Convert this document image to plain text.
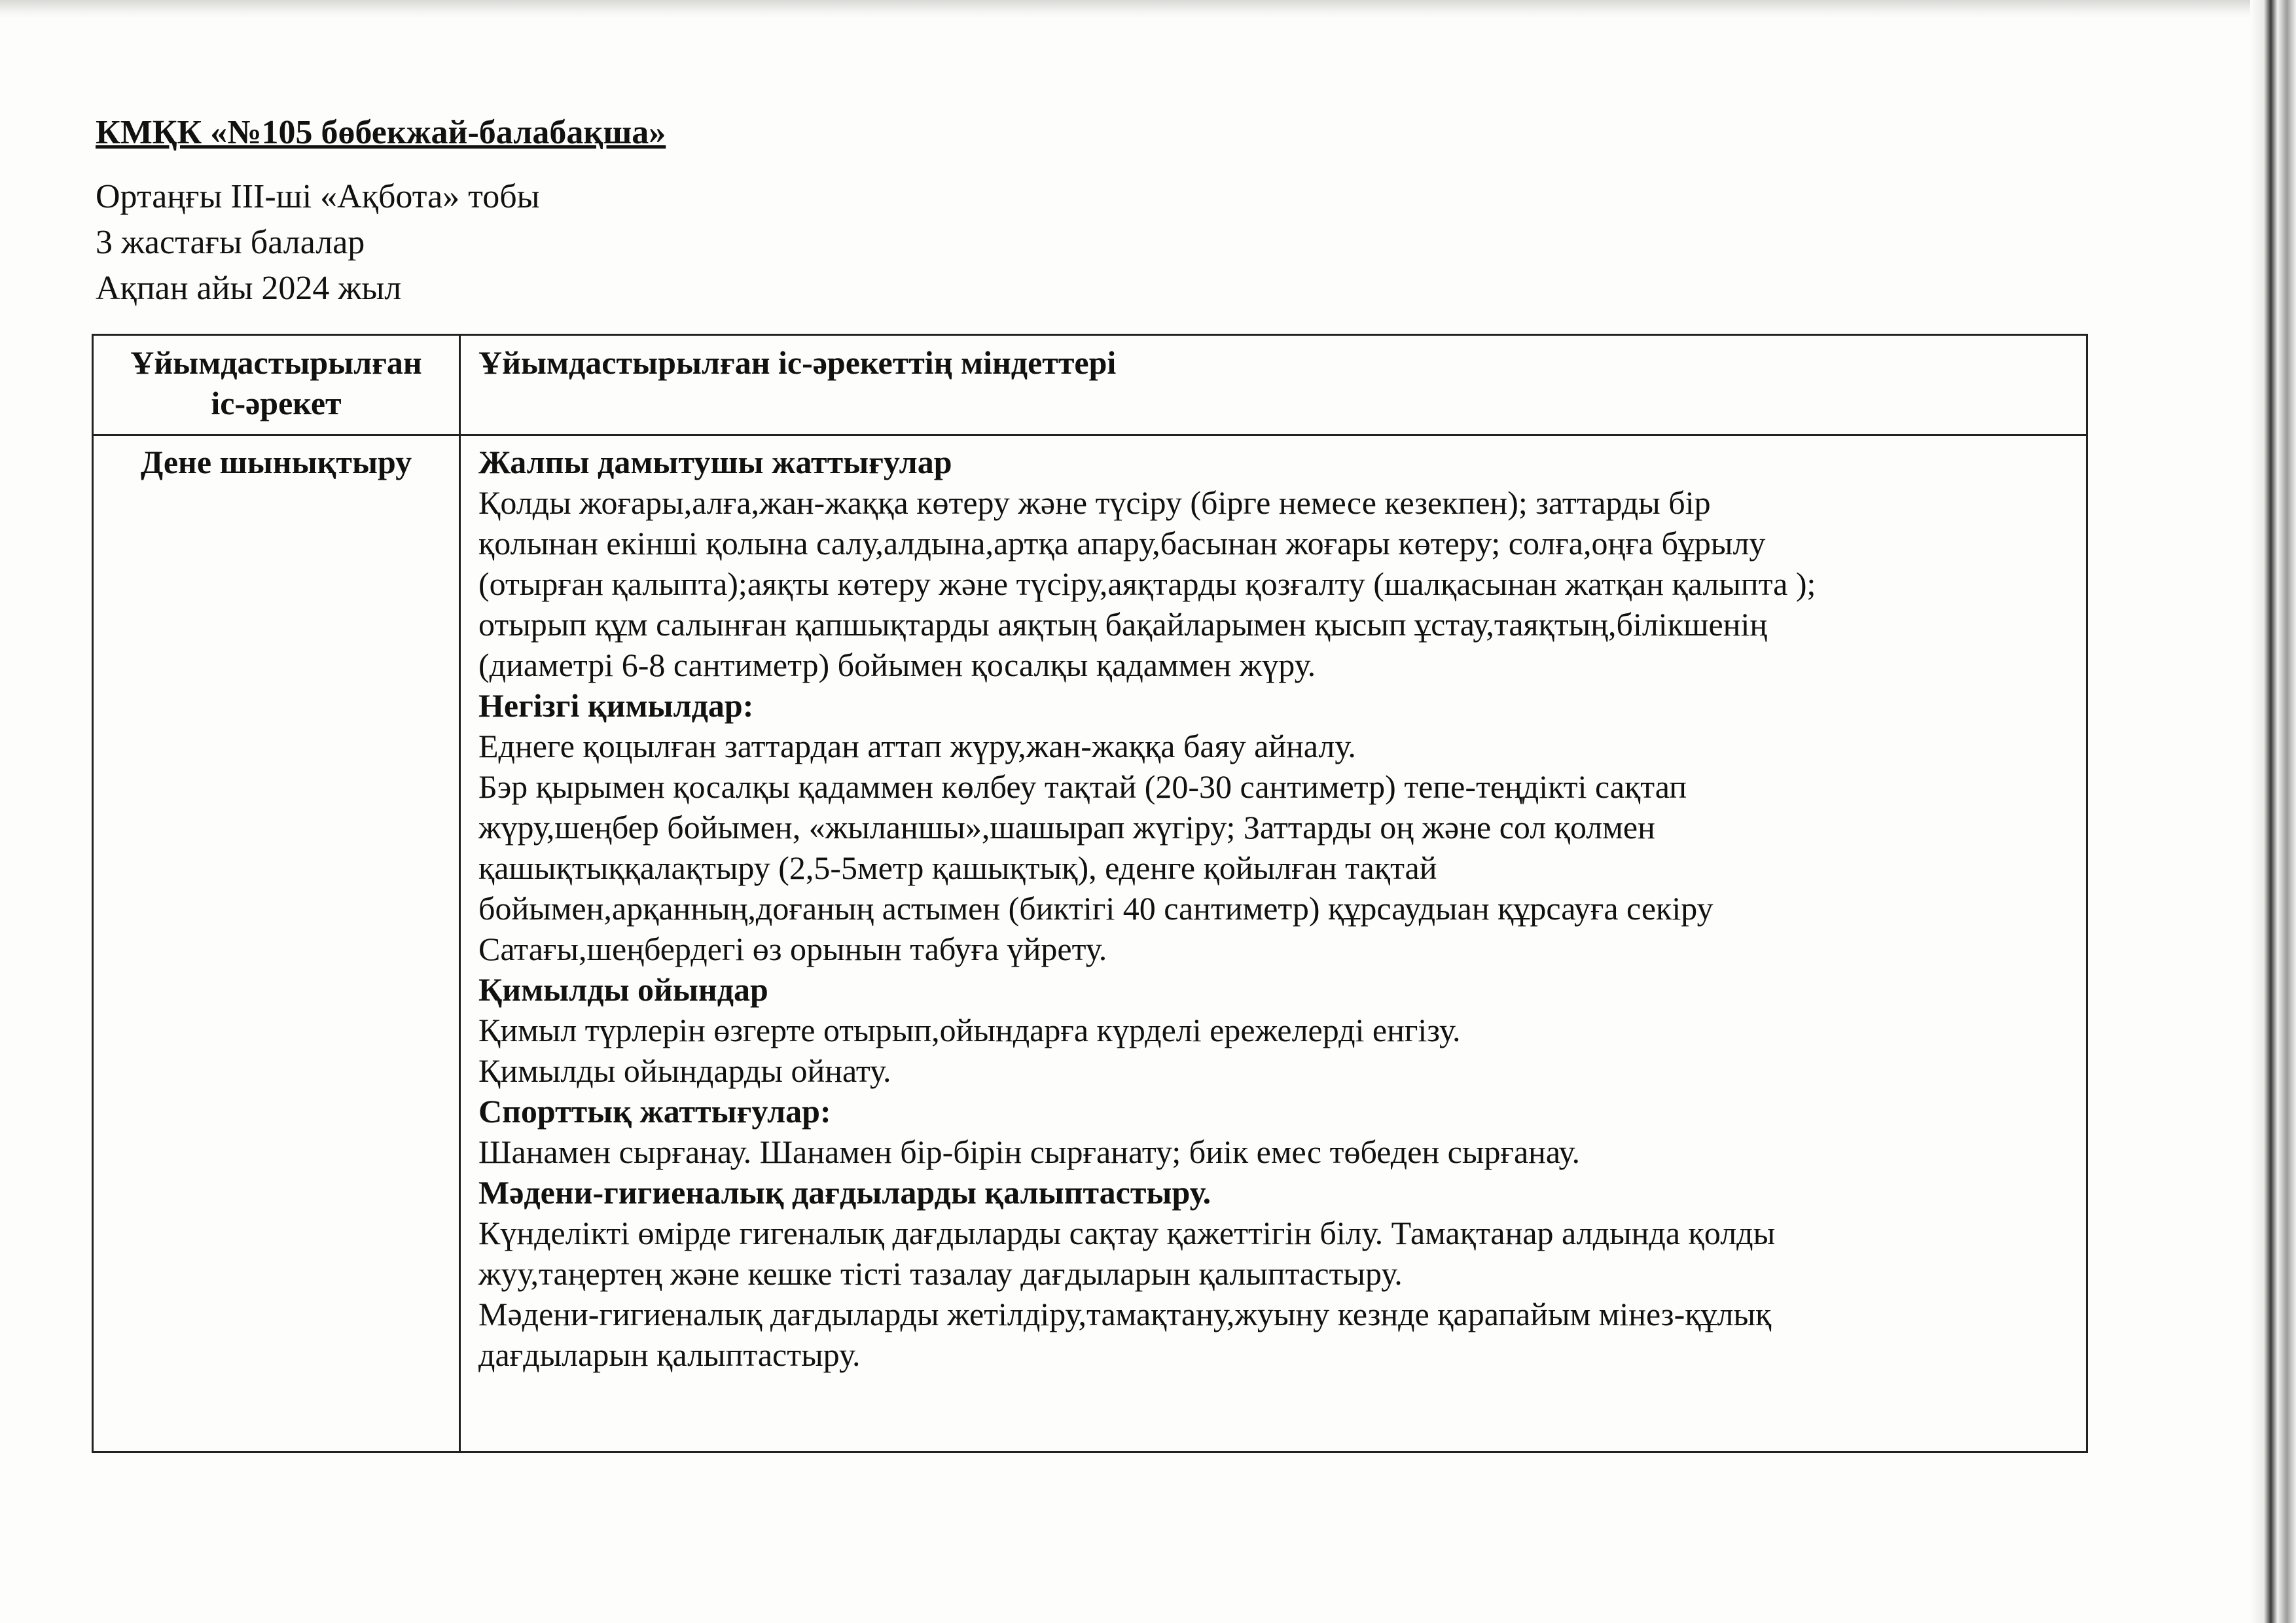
КМҚК «№105 бөбекжай-балабақша»
Ортаңғы ІІІ-ші «Ақбота» тобы
3 жастағы балалар
Ақпан айы 2024 жыл
Ұйымдастырылған
іс-әрекет
Ұйымдастырылған іс-әрекеттің міндеттері
Дене шынықтыру	Жалпы дамытушы жаттығулар
Қолды жоғары,алға,жан-жаққа көтеру және түсіру (бірге немесе кезекпен); заттарды бір
қолынан екінші қолына салу,алдына,артқа апару,басынан жоғары көтеру; солға,оңға бұрылу
(отырған қалыпта);аяқты көтеру және түсіру,аяқтарды қозғалту (шалқасынан жатқан қалыпта );
отырып құм салынған қапшықтарды аяқтың бақайларымен қысып ұстау,таяқтың,білікшенің
(диаметрі 6-8 сантиметр) бойымен қосалқы қадаммен жүру.
Негізгі қимылдар:
Еднеге қоцылған заттардан аттап жүру,жан-жаққа баяу айналу.
Бэр қырымен қосалқы қадаммен көлбеу тақтай (20-30 сантиметр) тепе-теңдікті сақтап
жүру,шеңбер бойымен, «жыланшы»,шашырап жүгіру; Заттарды оң және сол қолмен
қашықтыққалақтыру (2,5-5метр қашықтық), еденге қойылған тақтай
бойымен,арқанның,доғаның астымен (биктігі 40 сантиметр) құрсаудыан құрсауға секіру
Сатағы,шеңбердегі өз орынын табуға үйрету.
Қимылды ойындар
Қимыл түрлерін өзгерте отырып,ойындарға күрделі ережелерді енгізу.
Қимылды ойындарды ойнату.
Спорттық жаттығулар:
Шанамен сырғанау. Шанамен бір-бірін сырғанату; биік емес төбеден сырғанау.
Мәдени-гигиеналық дағдыларды қалыптастыру.
Күнделікті өмірде гигеналық дағдыларды сақтау қажеттігін білу. Тамақтанар алдында қолды
жуу,таңертең және кешке тісті тазалау дағдыларын қалыптастыру.
Мәдени-гигиеналық дағдыларды жетілдіру,тамақтану,жуыну кезнде қарапайым мінез-құлық
дағдыларын қалыптастыру.
